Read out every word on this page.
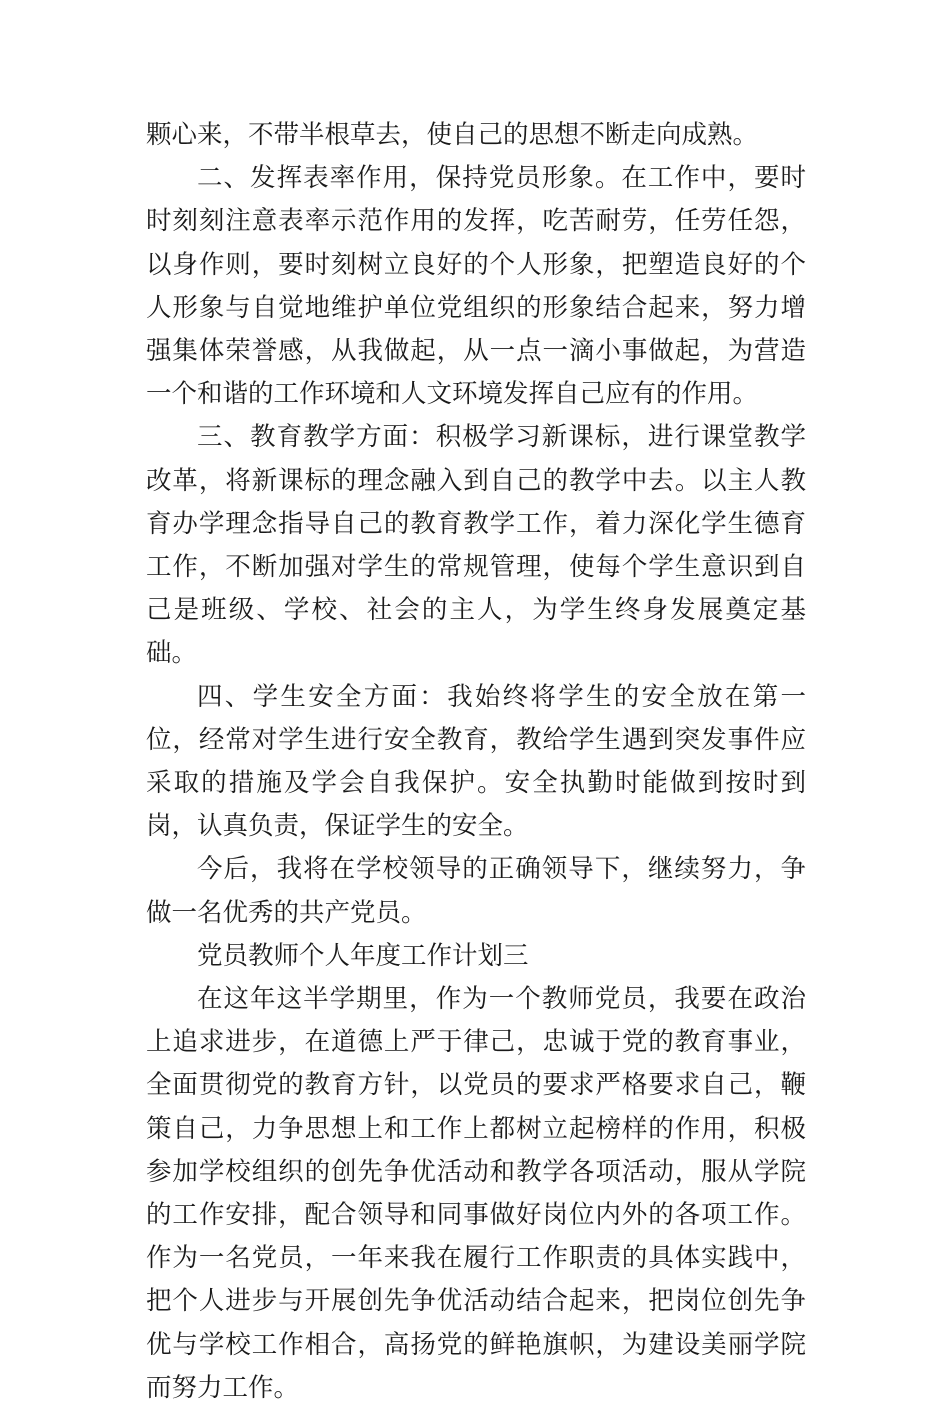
颗心来，不带半根草去，使自己的思想不断走向成熟。

二、发挥表率作用，保持党员形象。在工作中，要时时刻刻注意表率示范作用的发挥，吃苦耐劳，任劳任怨，以身作则，要时刻树立良好的个人形象，把塑造良好的个人形象与自觉地维护单位党组织的形象结合起来，努力增强集体荣誉感，从我做起，从一点一滴小事做起，为营造一个和谐的工作环境和人文环境发挥自己应有的作用。

三、教育教学方面：积极学习新课标，进行课堂教学改革，将新课标的理念融入到自己的教学中去。以主人教育办学理念指导自己的教育教学工作，着力深化学生德育工作，不断加强对学生的常规管理，使每个学生意识到自己是班级、学校、社会的主人，为学生终身发展奠定基础。

四、学生安全方面：我始终将学生的安全放在第一位，经常对学生进行安全教育，教给学生遇到突发事件应采取的措施及学会自我保护。安全执勤时能做到按时到岗，认真负责，保证学生的安全。

今后，我将在学校领导的正确领导下，继续努力，争做一名优秀的共产党员。

党员教师个人年度工作计划三

在这年这半学期里，作为一个教师党员，我要在政治上追求进步，在道德上严于律己，忠诚于党的教育事业，全面贯彻党的教育方针，以党员的要求严格要求自己，鞭策自己，力争思想上和工作上都树立起榜样的作用，积极参加学校组织的创先争优活动和教学各项活动，服从学院的工作安排，配合领导和同事做好岗位内外的各项工作。作为一名党员，一年来我在履行工作职责的具体实践中，把个人进步与开展创先争优活动结合起来，把岗位创先争优与学校工作相合，高扬党的鲜艳旗帜，为建设美丽学院而努力工作。
